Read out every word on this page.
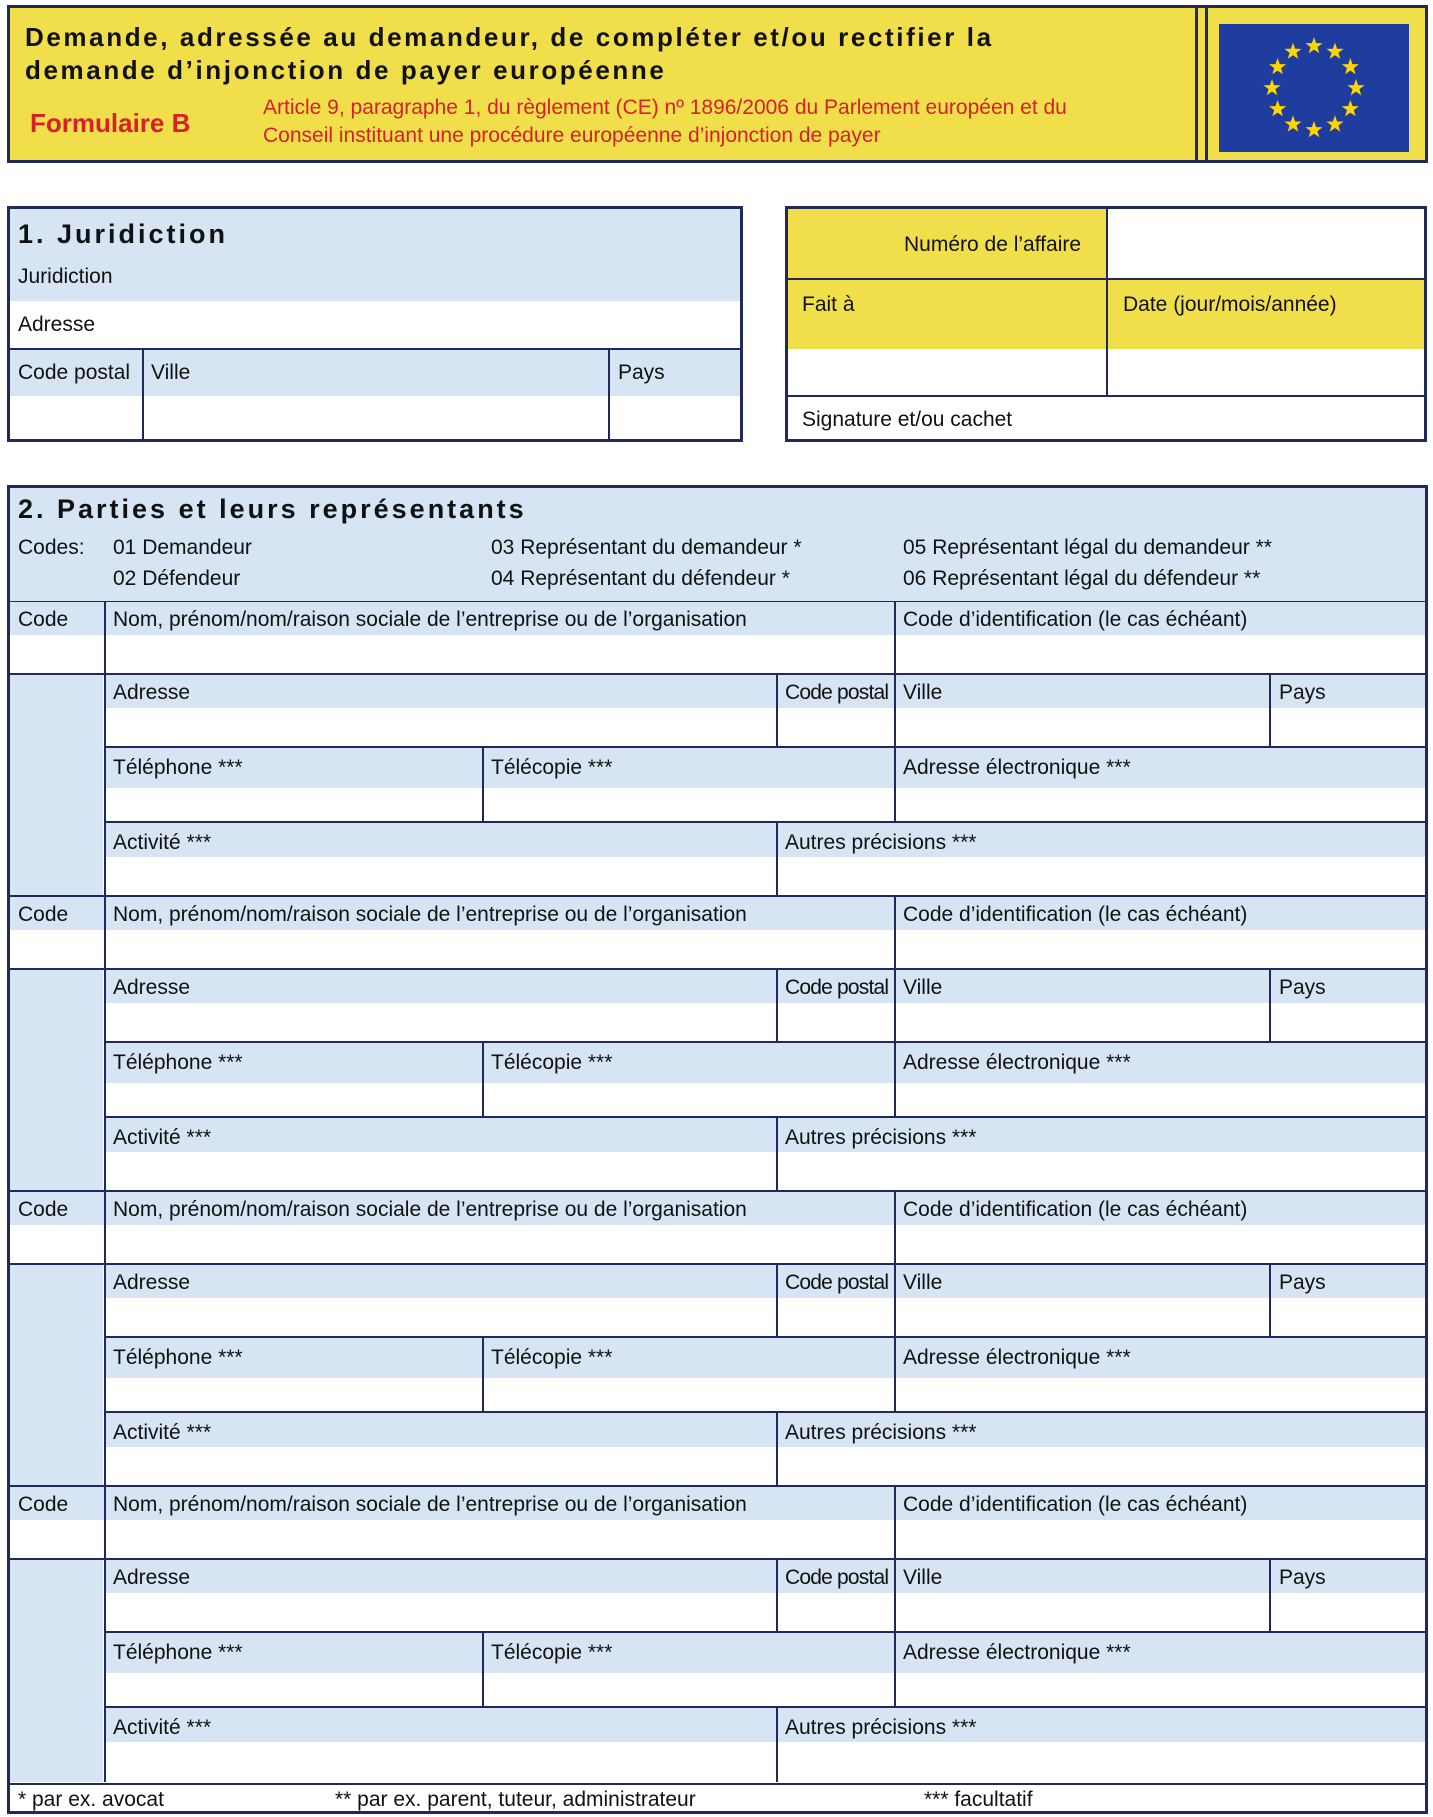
Demande, adressée au demandeur, de compléter et/ou rectifier la
demande d’injonction de payer européenne
Formulaire B
Article 9, paragraphe 1, du règlement (CE) nº 1896/2006 du Parlement européen et du
Conseil instituant une procédure européenne d’injonction de payer
1. Juridiction
Juridiction
Adresse
Code postal Ville	Pays
Numéro de l’affaire
Fait à	Date (jour/mois/année)
Signature et/ou cachet
2. Parties et leurs représentants
Codes: 01 Demandeur
02 Défendeur
03 Représentant du demandeur *
04 Représentant du défendeur *
05 Représentant légal du demandeur **
06 Représentant légal du défendeur **
Code Nom, prénom/nom/raison sociale de l’entreprise ou de l’organisation	Code d’identification (le cas échéant)
Adresse	Code postal Ville	Pays
Téléphone ***	Télécopie ***	Adresse électronique ***
Activité ***	Autres précisions ***
Code Nom, prénom/nom/raison sociale de l’entreprise ou de l’organisation	Code d’identification (le cas échéant)
Adresse	Code postal Ville	Pays
Téléphone ***	Télécopie ***	Adresse électronique ***
Activité ***	Autres précisions ***
Code Nom, prénom/nom/raison sociale de l’entreprise ou de l’organisation	Code d’identification (le cas échéant)
Adresse	Code postal Ville	Pays
Téléphone ***	Télécopie ***	Adresse électronique ***
Activité ***	Autres précisions ***
Code Nom, prénom/nom/raison sociale de l’entreprise ou de l’organisation	Code d’identification (le cas échéant)
Adresse	Code postal Ville	Pays
Téléphone ***	Télécopie ***	Adresse électronique ***
Activité ***	Autres précisions ***
* par ex. avocat	** par ex. parent, tuteur, administrateur	*** facultatif
